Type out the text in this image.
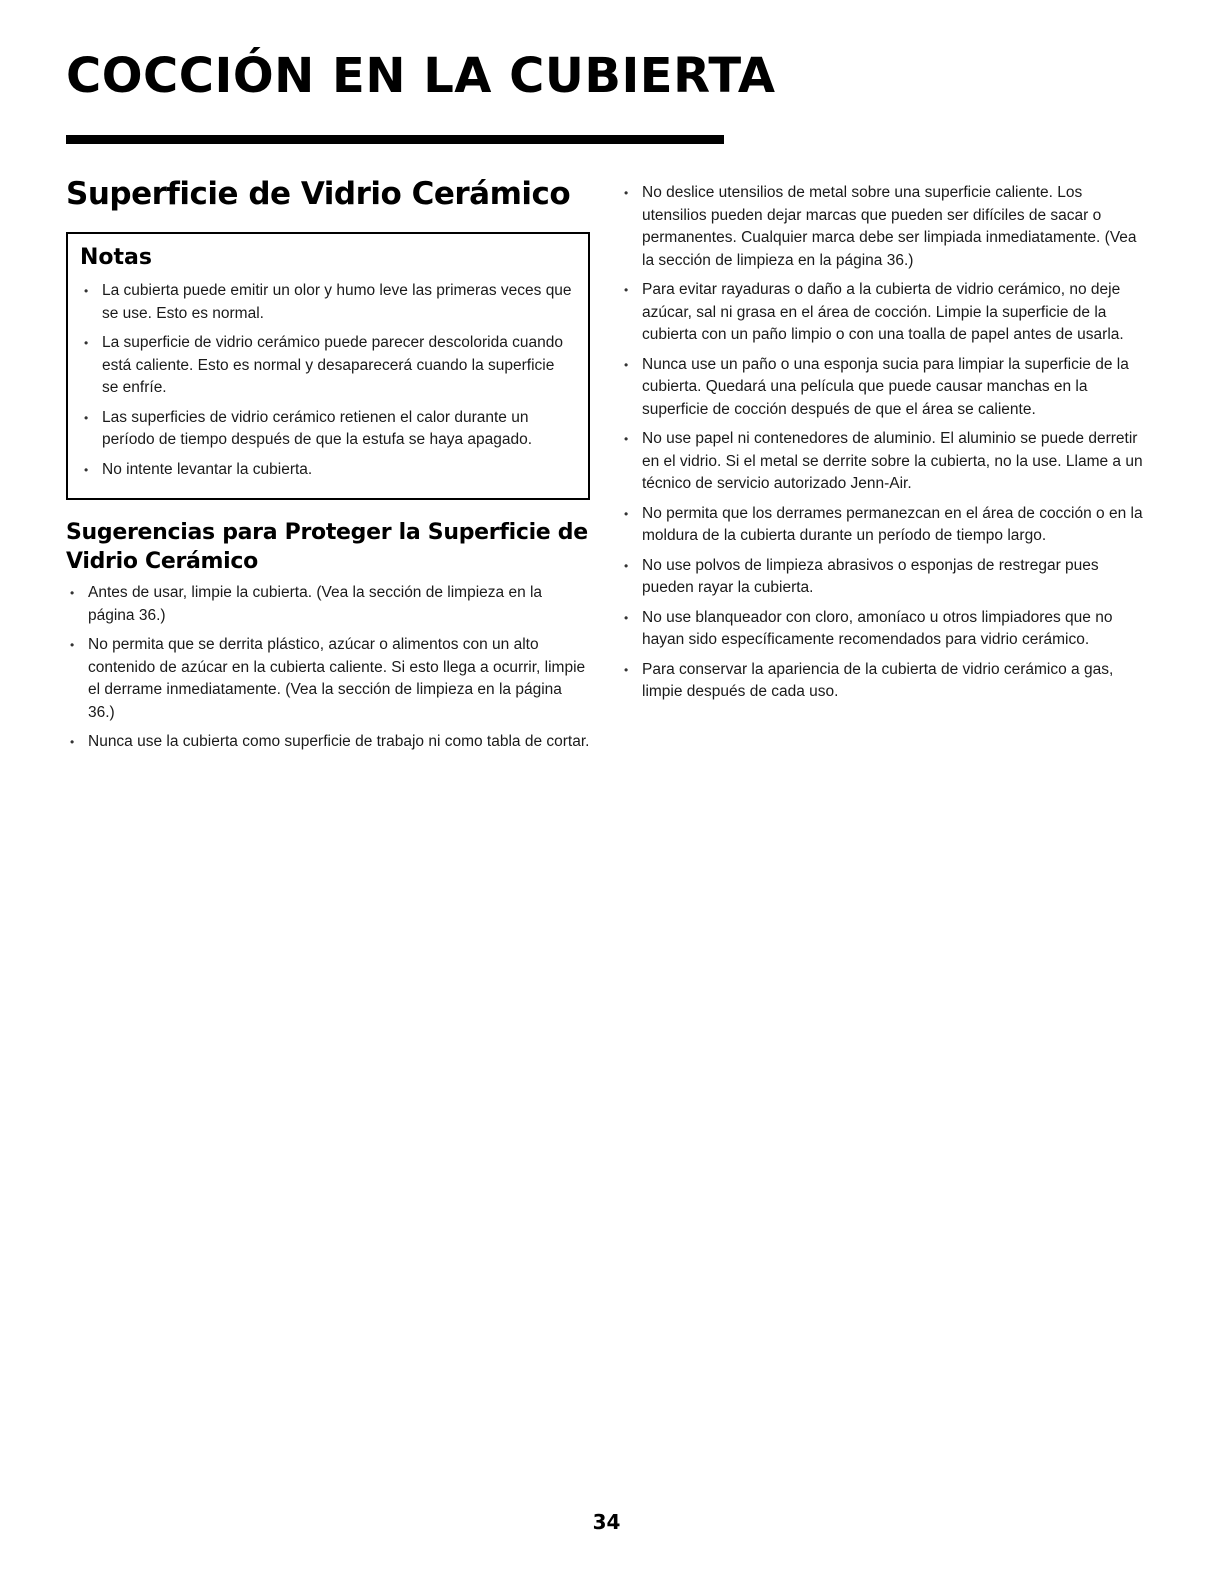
COCCIÓN EN LA CUBIERTA
Superficie de Vidrio Cerámico
Notas
• La cubierta puede emitir un olor y humo leve las primeras veces que se use. Esto es normal.
• La superficie de vidrio cerámico puede parecer descolorida cuando está caliente. Esto es normal y desaparecerá cuando la superficie se enfríe.
• Las superficies de vidrio cerámico retienen el calor durante un período de tiempo después de que la estufa se haya apagado.
• No intente levantar la cubierta.
Sugerencias para Proteger la Superficie de Vidrio Cerámico
• Antes de usar, limpie la cubierta. (Vea la sección de limpieza en la página 36.)
• No permita que se derrita plástico, azúcar o alimentos con un alto contenido de azúcar en la cubierta caliente. Si esto llega a ocurrir, limpie el derrame inmediatamente. (Vea la sección de limpieza en la página 36.)
• Nunca use la cubierta como superficie de trabajo ni como tabla de cortar.
• No deslice utensilios de metal sobre una superficie caliente. Los utensilios pueden dejar marcas que pueden ser difíciles de sacar o permanentes. Cualquier marca debe ser limpiada inmediatamente. (Vea la sección de limpieza en la página 36.)
• Para evitar rayaduras o daño a la cubierta de vidrio cerámico, no deje azúcar, sal ni grasa en el área de cocción. Limpie la superficie de la cubierta con un paño limpio o con una toalla de papel antes de usarla.
• Nunca use un paño o una esponja sucia para limpiar la superficie de la cubierta. Quedará una película que puede causar manchas en la superficie de cocción después de que el área se caliente.
• No use papel ni contenedores de aluminio. El aluminio se puede derretir en el vidrio. Si el metal se derrite sobre la cubierta, no la use. Llame a un técnico de servicio autorizado Jenn-Air.
• No permita que los derrames permanezcan en el área de cocción o en la moldura de la cubierta durante un período de tiempo largo.
• No use polvos de limpieza abrasivos o esponjas de restregar pues pueden rayar la cubierta.
• No use blanqueador con cloro, amoníaco u otros limpiadores que no hayan sido específicamente recomendados para vidrio cerámico.
• Para conservar la apariencia de la cubierta de vidrio cerámico a gas, limpie después de cada uso.
34
